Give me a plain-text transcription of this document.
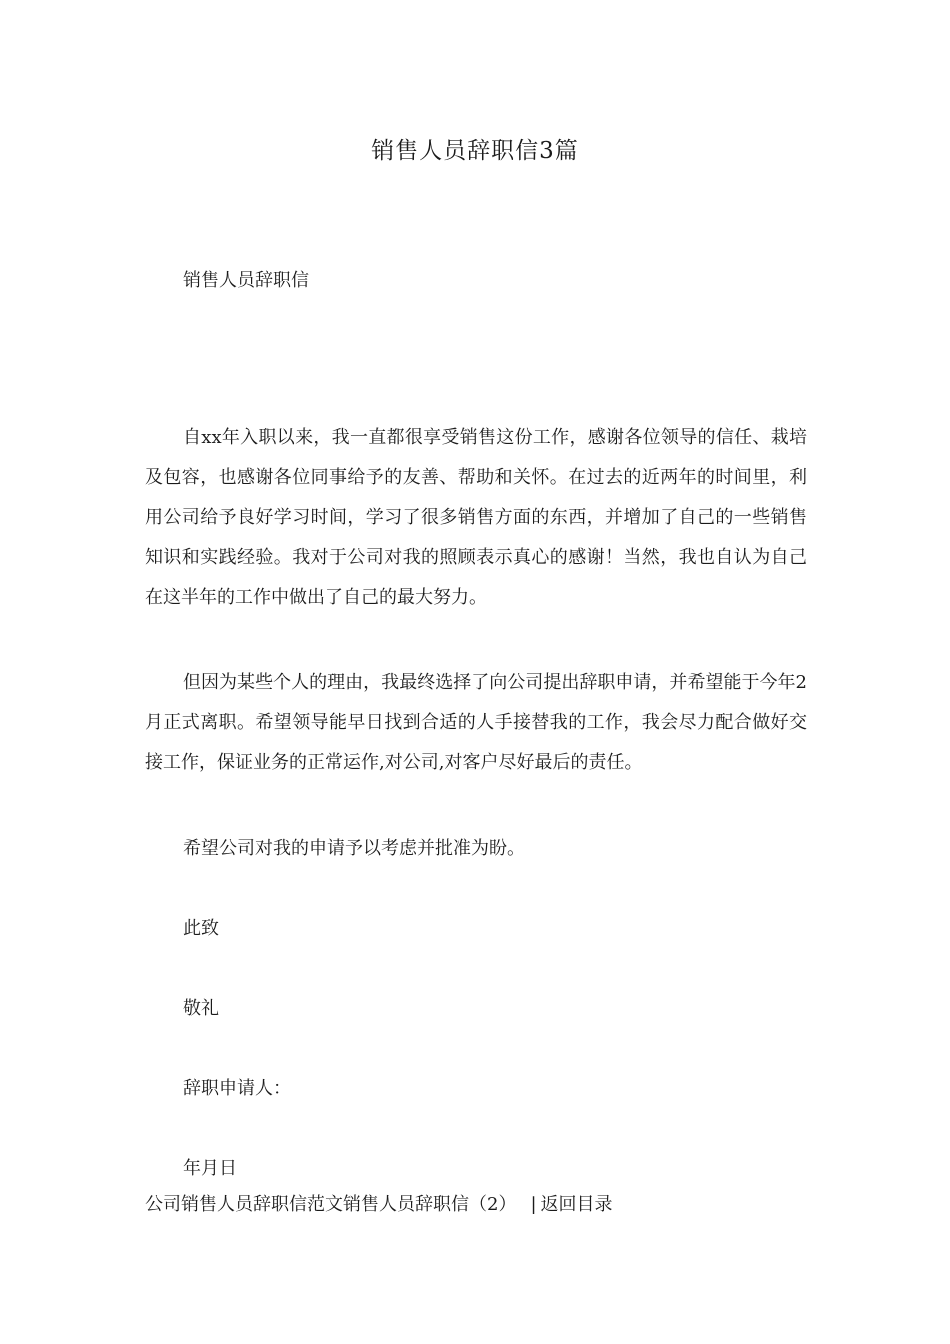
销售人员辞职信3篇
销售人员辞职信

自xx年入职以来，我一直都很享受销售这份工作，感谢各位领导的信任、栽培及包容，也感谢各位同事给予的友善、帮助和关怀。在过去的近两年的时间里，利用公司给予良好学习时间，学习了很多销售方面的东西，并增加了自己的一些销售知识和实践经验。我对于公司对我的照顾表示真心的感谢！当然，我也自认为自己在这半年的工作中做出了自己的最大努力。

但因为某些个人的理由，我最终选择了向公司提出辞职申请，并希望能于今年2月正式离职。希望领导能早日找到合适的人手接替我的工作，我会尽力配合做好交接工作，保证业务的正常运作,对公司,对客户尽好最后的责任。

希望公司对我的申请予以考虑并批准为盼。
此致
敬礼
辞职申请人：
年月日
公司销售人员辞职信范文销售人员辞职信（2） | 返回目录
